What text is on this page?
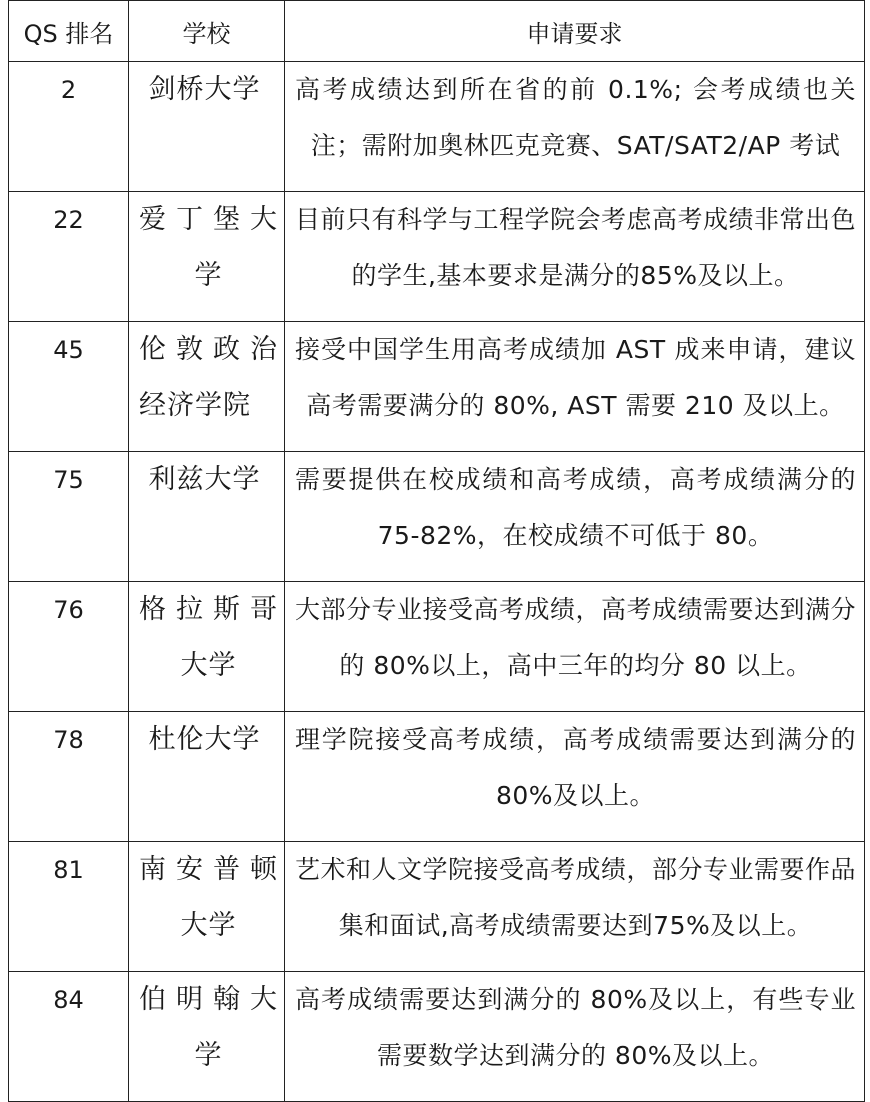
QS 排名	学校	申请要求
2	剑桥大学	高考成绩达到所在省的前 0.1%; 会考成绩也关注；需附加奥林匹克竞赛、SAT/SAT2/AP 考试
22	爱丁堡大学	目前只有科学与工程学院会考虑高考成绩非常出色的学生,基本要求是满分的85%及以上。
45	伦敦政治经济学院	接受中国学生用高考成绩加 AST 成来申请，建议高考需要满分的 80%, AST 需要 210 及以上。
75	利兹大学	需要提供在校成绩和高考成绩，高考成绩满分的 75-82%，在校成绩不可低于 80。
76	格拉斯哥大学	大部分专业接受高考成绩，高考成绩需要达到满分的 80%以上，高中三年的均分 80 以上。
78	杜伦大学	理学院接受高考成绩，高考成绩需要达到满分的 80%及以上。
81	南安普顿大学	艺术和人文学院接受高考成绩，部分专业需要作品集和面试,高考成绩需要达到75%及以上。
84	伯明翰大学	高考成绩需要达到满分的 80%及以上，有些专业需要数学达到满分的 80%及以上。
